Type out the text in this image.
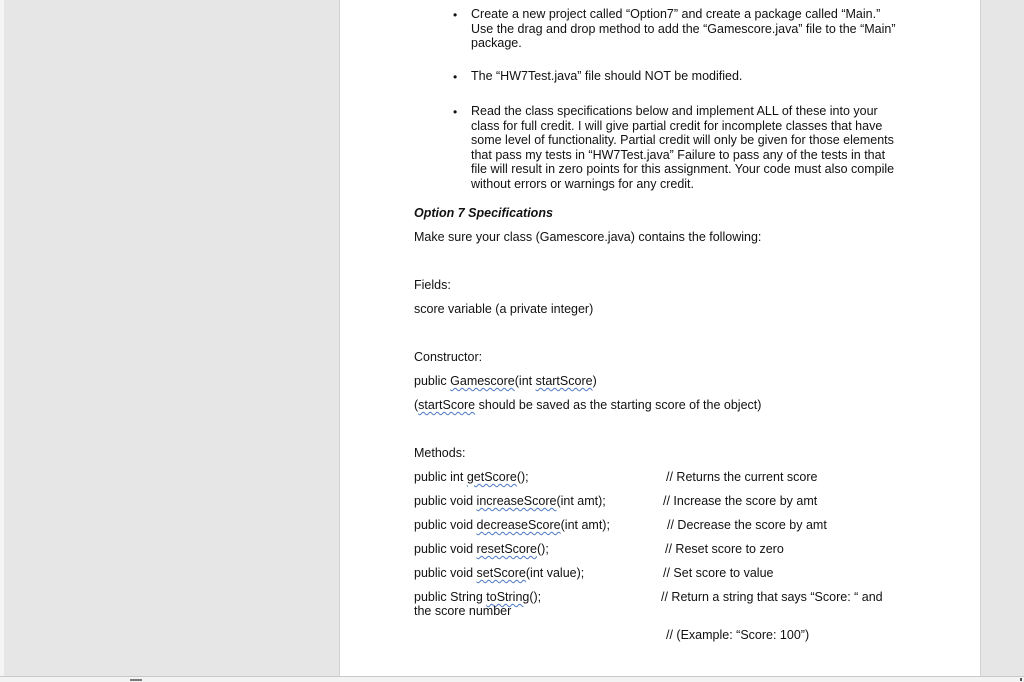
• Create a new project called “Option7” and create a package called “Main.”
Use the drag and drop method to add the “Gamescore.java” file to the “Main”
package.
• The “HW7Test.java” file should NOT be modified.
• Read the class specifications below and implement ALL of these into your
class for full credit. I will give partial credit for incomplete classes that have
some level of functionality. Partial credit will only be given for those elements
that pass my tests in “HW7Test.java” Failure to pass any of the tests in that
file will result in zero points for this assignment. Your code must also compile
without errors or warnings for any credit.
Option 7 Specifications
Make sure your class (Gamescore.java) contains the following:
Fields:
score variable (a private integer)
Constructor:
public Gamescore(int startScore)
(startScore should be saved as the starting score of the object)
Methods:
public int getScore();	// Returns the current score
public void increaseScore(int amt);	// Increase the score by amt
public void decreaseScore(int amt);	// Decrease the score by amt
public void resetScore();	// Reset score to zero
public void setScore(int value);	// Set score to value
public String toString();	// Return a string that says “Score: “ and
the score number
// (Example: “Score: 100”)
